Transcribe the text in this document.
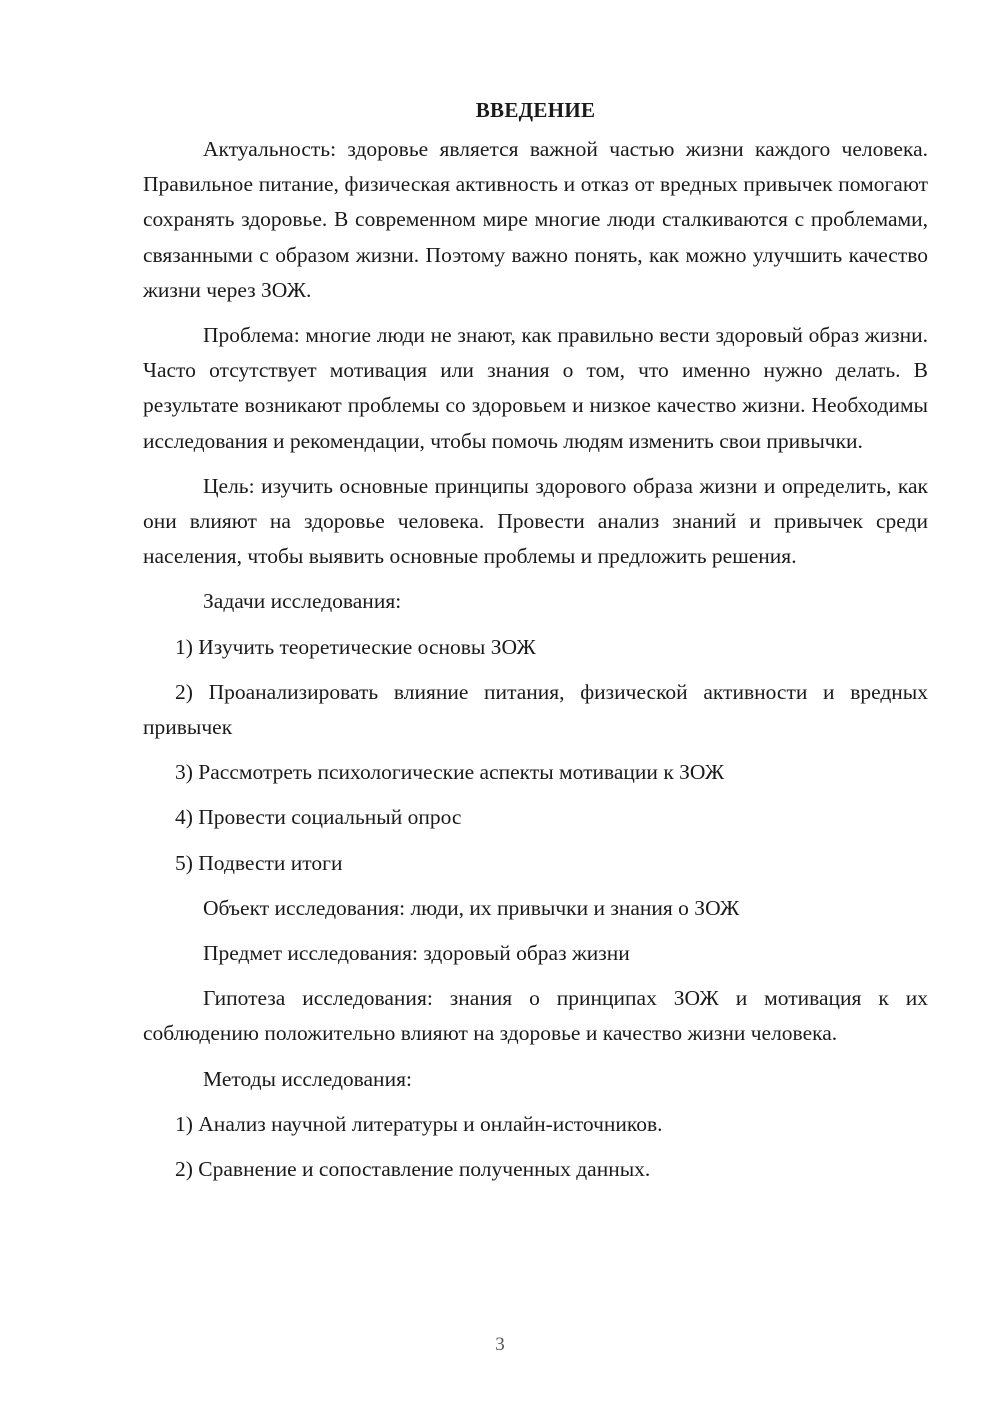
ВВЕДЕНИЕ

Актуальность: здоровье является важной частью жизни каждого человека. Правильное питание, физическая активность и отказ от вредных привычек помогают сохранять здоровье. В современном мире многие люди сталкиваются с проблемами, связанными с образом жизни. Поэтому важно понять, как можно улучшить качество жизни через ЗОЖ.

Проблема: многие люди не знают, как правильно вести здоровый образ жизни. Часто отсутствует мотивация или знания о том, что именно нужно делать. В результате возникают проблемы со здоровьем и низкое качество жизни. Необходимы исследования и рекомендации, чтобы помочь людям изменить свои привычки.

Цель: изучить основные принципы здорового образа жизни и определить, как они влияют на здоровье человека. Провести анализ знаний и привычек среди населения, чтобы выявить основные проблемы и предложить решения.

Задачи исследования:

1) Изучить теоретические основы ЗОЖ

2) Проанализировать влияние питания, физической активности и вредных привычек

3) Рассмотреть психологические аспекты мотивации к ЗОЖ

4) Провести социальный опрос

5) Подвести итоги

Объект исследования: люди, их привычки и знания о ЗОЖ

Предмет исследования: здоровый образ жизни

Гипотеза исследования: знания о принципах ЗОЖ и мотивация к их соблюдению положительно влияют на здоровье и качество жизни человека.

Методы исследования:

1) Анализ научной литературы и онлайн-источников.

2) Сравнение и сопоставление полученных данных.

3
